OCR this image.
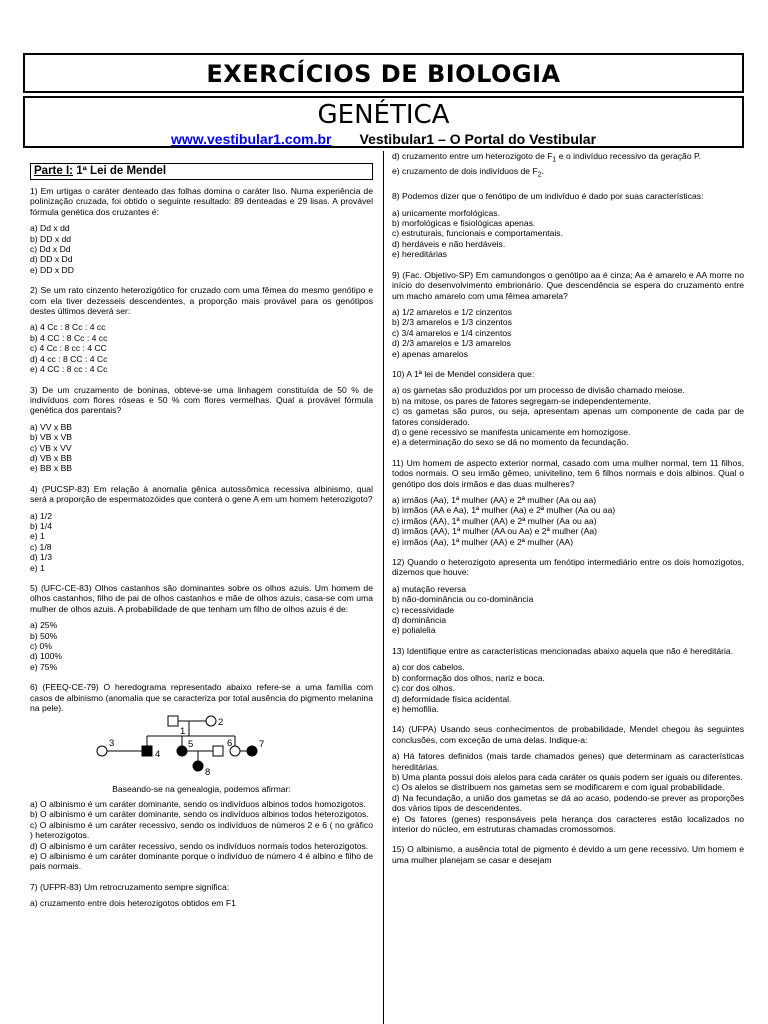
EXERCÍCIOS DE BIOLOGIA
GENÉTICA
www.vestibular1.com.br Vestibular1 – O Portal do Vestibular
Parte I: 1ª Lei de Mendel

1) Em urtigas o caráter denteado das folhas domina o caráter liso. Numa experiência de polinização cruzada, foi obtido o seguinte resultado: 89 denteadas e 29 lisas. A provável fórmula genética dos cruzantes é:

a) Dd x dd
b) DD x dd
c) Dd x Dd
d) DD x Dd
e) DD x DD

2) Se um rato cinzento heterozigótico for cruzado com uma fêmea do mesmo genótipo e com ela tiver dezesseis descendentes, a proporção mais provável para os genótipos destes últimos deverá ser:

a) 4 Cc : 8 Cc : 4 cc
b) 4 CC : 8 Cc : 4 cc
c) 4 Cc : 8 cc : 4 CC
d) 4 cc : 8 CC : 4 Cc
e) 4 CC : 8 cc : 4 Cc

3) De um cruzamento de boninas, obteve-se uma linhagem constituída de 50 % de indivíduos com flores róseas e 50 % com flores vermelhas. Qual a provável fórmula genética dos parentais?

a) VV x BB
b) VB x VB
c) VB x VV
d) VB x BB
e) BB x BB

4) (PUCSP-83) Em relação à anomalia gênica autossômica recessiva albinismo, qual será a proporção de espermatozóides que conterá o gene A em um homem heterozigoto?

a) 1/2
b) 1/4
e) 1
c) 1/8
d) 1/3
e) 1

5) (UFC-CE-83) Olhos castanhos são dominantes sobre os olhos azuis. Um homem de olhos castanhos, filho de pai de olhos castanhos e mãe de olhos azuis, casa-se com uma mulher de olhos azuis. A probabilidade de que tenham um filho de olhos azuis é de:

a) 25%
b) 50%
c) 0%
d) 100%
e) 75%

6) (FEEQ-CE-79) O heredograma representado abaixo refere-se a uma família com casos de albinismo (anomalia que se caracteriza por total ausência do pigmento melanina na pele).

1
2
3
4
5	6	7
8

Baseando-se na genealogia, podemos afirmar:

a) O albinismo é um caráter dominante, sendo os indivíduos albinos todos homozigotos.
b) O albinismo é um caráter dominante, sendo os indivíduos albinos todos heterozigotos.
c) O albinismo é um caráter recessivo, sendo os indivíduos de números 2 e 6 ( no gráfico ) heterozigotos.
d) O albinismo é um caráter recessivo, sendo os indivíduos normais todos heterozigotos.
e) O albinismo é um caráter dominante porque o indivíduo de número 4 é albino e filho de pais normais.

7) (UFPR-83) Um retrocruzamento sempre significa:

a) cruzamento entre dois heterozigotos obtidos em F1
d) cruzamento entre um heterozigoto de $F_1$ e o indivíduo recessivo da geração P.
e) cruzamento de dois indivíduos de $F_2$.

8) Podemos dizer que o fenótipo de um indivíduo é dado por suas características:

a) unicamente morfológicas.
b) morfológicas e fisiológicas apenas.
c) estruturais, funcionais e comportamentais.
d) herdáveis e não herdáveis.
e) hereditárias

9) (Fac. Objetivo-SP) Em camundongos o genótipo aa é cinza; Aa é amarelo e AA morre no início do desenvolvimento embrionário. Que descendência se espera do cruzamento entre um macho amarelo com uma fêmea amarela?

a) 1/2 amarelos e 1/2 cinzentos
b) 2/3 amarelos e 1/3 cinzentos
c) 3/4 amarelos e 1/4 cinzentos
d) 2/3 amarelos e 1/3 amarelos
e) apenas amarelos

10) A 1ª lei de Mendel considera que:

a) os gametas são produzidos por um processo de divisão chamado meiose.
b) na mitose, os pares de fatores segregam-se independentemente.
c) os gametas são puros, ou seja, apresentam apenas um componente de cada par de fatores considerado.
d) o gene recessivo se manifesta unicamente em homozigose.
e) a determinação do sexo se dá no momento da fecundação.

11) Um homem de aspecto exterior normal, casado com uma mulher normal, tem 11 filhos, todos normais. O seu irmão gêmeo, univitelino, tem 6 filhos normais e dois albinos. Qual o genótipo dos dois irmãos e das duas mulheres?

a) irmãos (Aa), 1ª mulher (AA) e 2ª mulher (Aa ou aa)
b) irmãos (AA e Aa), 1ª mulher (Aa) e 2ª mulher (Aa ou aa)
c) irmãos (AA), 1ª mulher (AA) e 2ª mulher (Aa ou aa)
d) irmãos (AA), 1ª mulher (AA ou Aa) e 2ª mulher (Aa)
e) irmãos (Aa), 1ª mulher (AA) e 2ª mulher (AA)

12) Quando o heterozigoto apresenta um fenótipo intermediário entre os dois homozigotos, dizemos que houve:

a) mutação reversa
b) não-dominância ou co-dominância
c) recessividade
d) dominância
e) polialelia

13) Identifique entre as características mencionadas abaixo aquela que não é hereditária.

a) cor dos cabelos.
b) conformação dos olhos, nariz e boca.
c) cor dos olhos.
d) deformidade física acidental.
e) hemofilia.

14) (UFPA) Usando seus conhecimentos de probabilidade, Mendel chegou às seguintes conclusões, com exceção de uma delas. Indique-a:

a) Há fatores definidos (mais tarde chamados genes) que determinam as características hereditárias.
b) Uma planta possui dois alelos para cada caráter os quais podem ser iguais ou diferentes.
c) Os alelos se distribuem nos gametas sem se modificarem e com igual probabilidade.
d) Na fecundação, a união dos gametas se dá ao acaso, podendo-se prever as proporções dos vários tipos de descendentes.
e) Os fatores (genes) responsáveis pela herança dos caracteres estão localizados no interior do núcleo, em estruturas chamadas cromossomos.

15) O albinismo, a ausência total de pigmento é devido a um gene recessivo. Um homem e uma mulher planejam se casar e desejam
